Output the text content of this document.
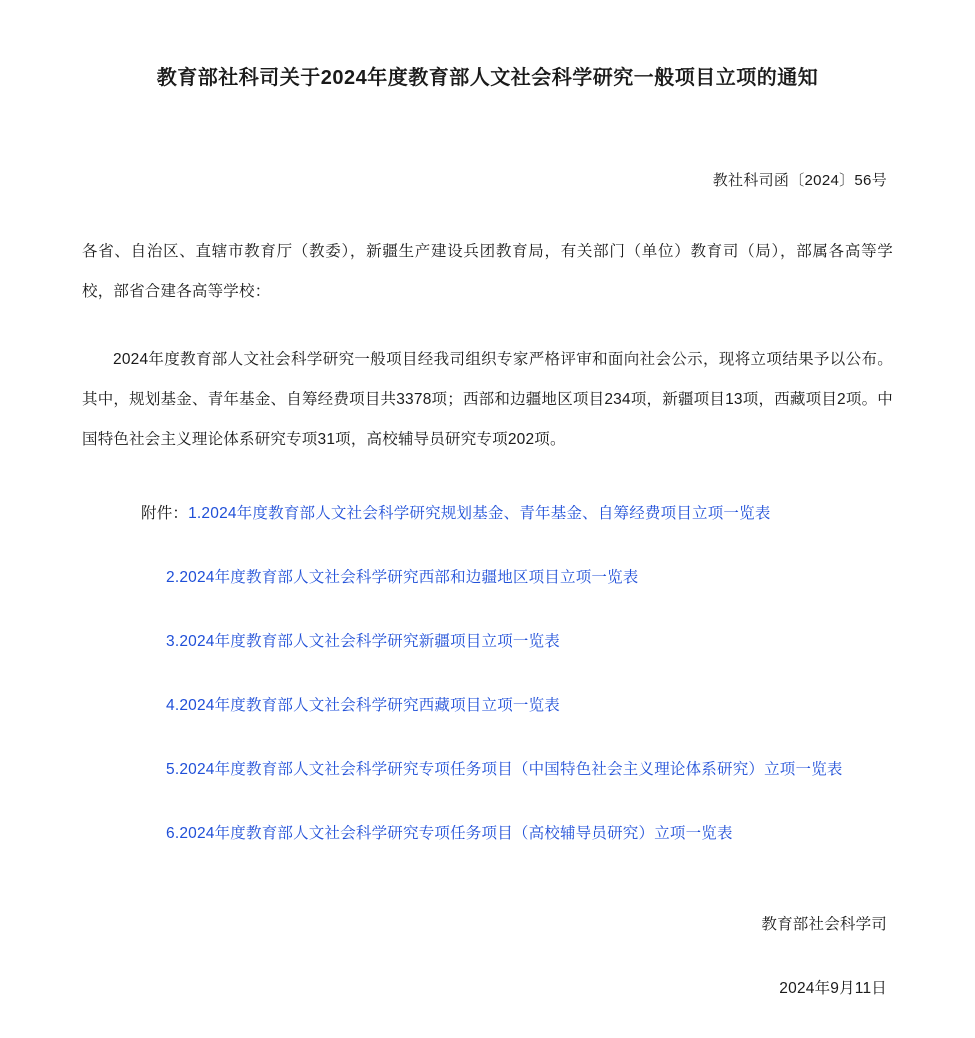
教育部社科司关于2024年度教育部人文社会科学研究一般项目立项的通知
教社科司函〔2024〕56号

各省、自治区、直辖市教育厅（教委），新疆生产建设兵团教育局，有关部门（单位）教育司（局），部属各高等学校，部省合建各高等学校：

2024年度教育部人文社会科学研究一般项目经我司组织专家严格评审和面向社会公示，现将立项结果予以公布。其中，规划基金、青年基金、自筹经费项目共3378项；西部和边疆地区项目234项，新疆项目13项，西藏项目2项。中国特色社会主义理论体系研究专项31项，高校辅导员研究专项202项。

附件： 1.2024年度教育部人文社会科学研究规划基金、青年基金、自筹经费项目立项一览表
2.2024年度教育部人文社会科学研究西部和边疆地区项目立项一览表
3.2024年度教育部人文社会科学研究新疆项目立项一览表
4.2024年度教育部人文社会科学研究西藏项目立项一览表
5.2024年度教育部人文社会科学研究专项任务项目（中国特色社会主义理论体系研究）立项一览表
6.2024年度教育部人文社会科学研究专项任务项目（高校辅导员研究）立项一览表
教育部社会科学司
2024年9月11日
